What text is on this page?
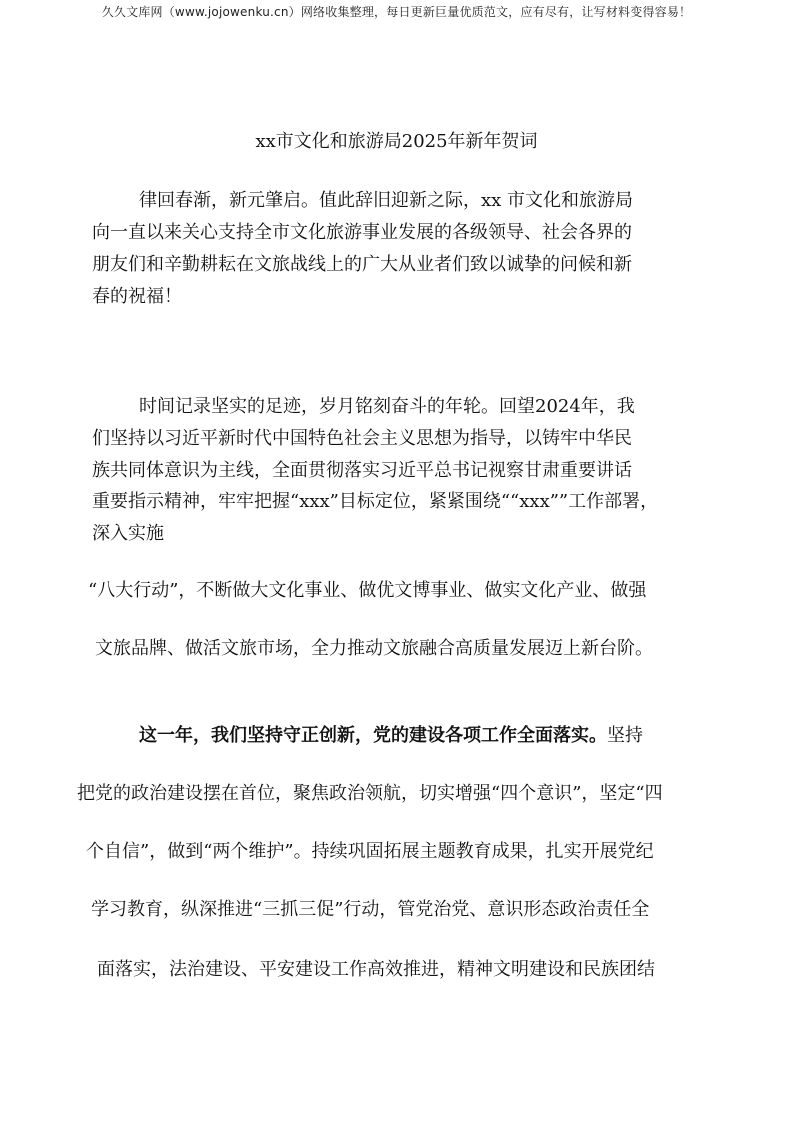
久久文库网（www.jojowenku.cn）网络收集整理，每日更新巨量优质范文，应有尽有，让写材料变得容易！
xx市文化和旅游局2025年新年贺词
律回春渐，新元肇启。值此辞旧迎新之际，xx 市文化和旅游局
向一直以来关心支持全市文化旅游事业发展的各级领导、社会各界的
朋友们和辛勤耕耘在文旅战线上的广大从业者们致以诚挚的问候和新
春的祝福！
时间记录坚实的足迹，岁月铭刻奋斗的年轮。回望2024年，我
们坚持以习近平新时代中国特色社会主义思想为指导，以铸牢中华民
族共同体意识为主线，全面贯彻落实习近平总书记视察甘肃重要讲话
重要指示精神，牢牢把握“xxx”目标定位，紧紧围绕““xxx””工作部署，
深入实施
“八大行动”，不断做大文化事业、做优文博事业、做实文化产业、做强
文旅品牌、做活文旅市场，全力推动文旅融合高质量发展迈上新台阶。
这一年，我们坚持守正创新，党的建设各项工作全面落实。坚持
把党的政治建设摆在首位，聚焦政治领航，切实增强“四个意识”，坚定“四
个自信”，做到“两个维护”。持续巩固拓展主题教育成果，扎实开展党纪
学习教育，纵深推进“三抓三促”行动，管党治党、意识形态政治责任全
面落实，法治建设、平安建设工作高效推进，精神文明建设和民族团结
